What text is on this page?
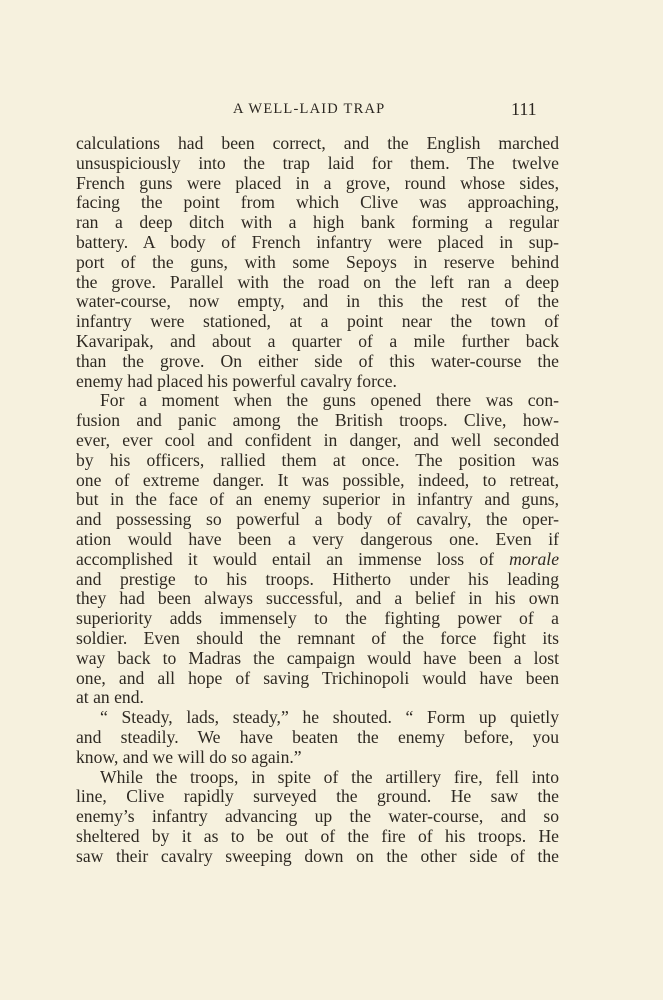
A WELL-LAID TRAP	111
calculations had been correct, and the English marched
unsuspiciously into the trap laid for them. The twelve
French guns were placed in a grove, round whose sides,
facing the point from which Clive was approaching,
ran a deep ditch with a high bank forming a regular
battery. A body of French infantry were placed in sup-
port of the guns, with some Sepoys in reserve behind
the grove. Parallel with the road on the left ran a deep
water-course, now empty, and in this the rest of the
infantry were stationed, at a point near the town of
Kavaripak, and about a quarter of a mile further back
than the grove. On either side of this water-course the
enemy had placed his powerful cavalry force.
For a moment when the guns opened there was con-
fusion and panic among the British troops. Clive, how-
ever, ever cool and confident in danger, and well seconded
by his officers, rallied them at once. The position was
one of extreme danger. It was possible, indeed, to retreat,
but in the face of an enemy superior in infantry and guns,
and possessing so powerful a body of cavalry, the oper-
ation would have been a very dangerous one. Even if
accomplished it would entail an immense loss of morale
and prestige to his troops. Hitherto under his leading
they had been always successful, and a belief in his own
superiority adds immensely to the fighting power of a
soldier. Even should the remnant of the force fight its
way back to Madras the campaign would have been a lost
one, and all hope of saving Trichinopoli would have been
at an end.
“ Steady, lads, steady,” he shouted. “ Form up quietly
and steadily. We have beaten the enemy before, you
know, and we will do so again.”
While the troops, in spite of the artillery fire, fell into
line, Clive rapidly surveyed the ground. He saw the
enemy’s infantry advancing up the water-course, and so
sheltered by it as to be out of the fire of his troops. He
saw their cavalry sweeping down on the other side of the
